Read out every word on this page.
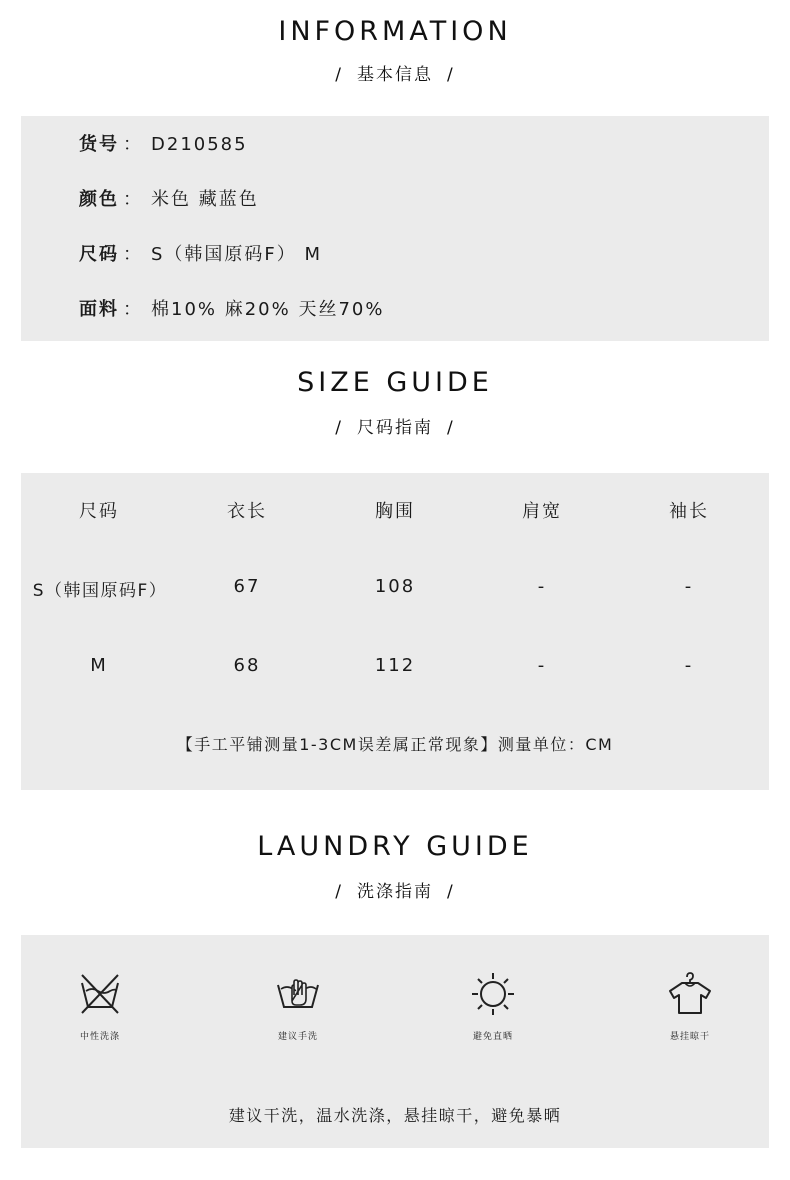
INFORMATION
/ 基本信息 /
货号 ： D210585
颜色 ： 米色 藏蓝色
尺码 ： S（韩国原码F） M
面料 ： 棉10% 麻20% 天丝70%
SIZE GUIDE
/ 尺码指南 /
尺码	衣长	胸围	肩宽	袖长
S（韩国原码F）	67	108	-	-
M	68	112	-	-
【手工平铺测量1-3CM误差属正常现象】测量单位：CM
LAUNDRY GUIDE
/ 洗涤指南 /
中性洗涤	建议手洗	避免直晒	悬挂晾干
建议干洗，温水洗涤，悬挂晾干，避免暴晒
